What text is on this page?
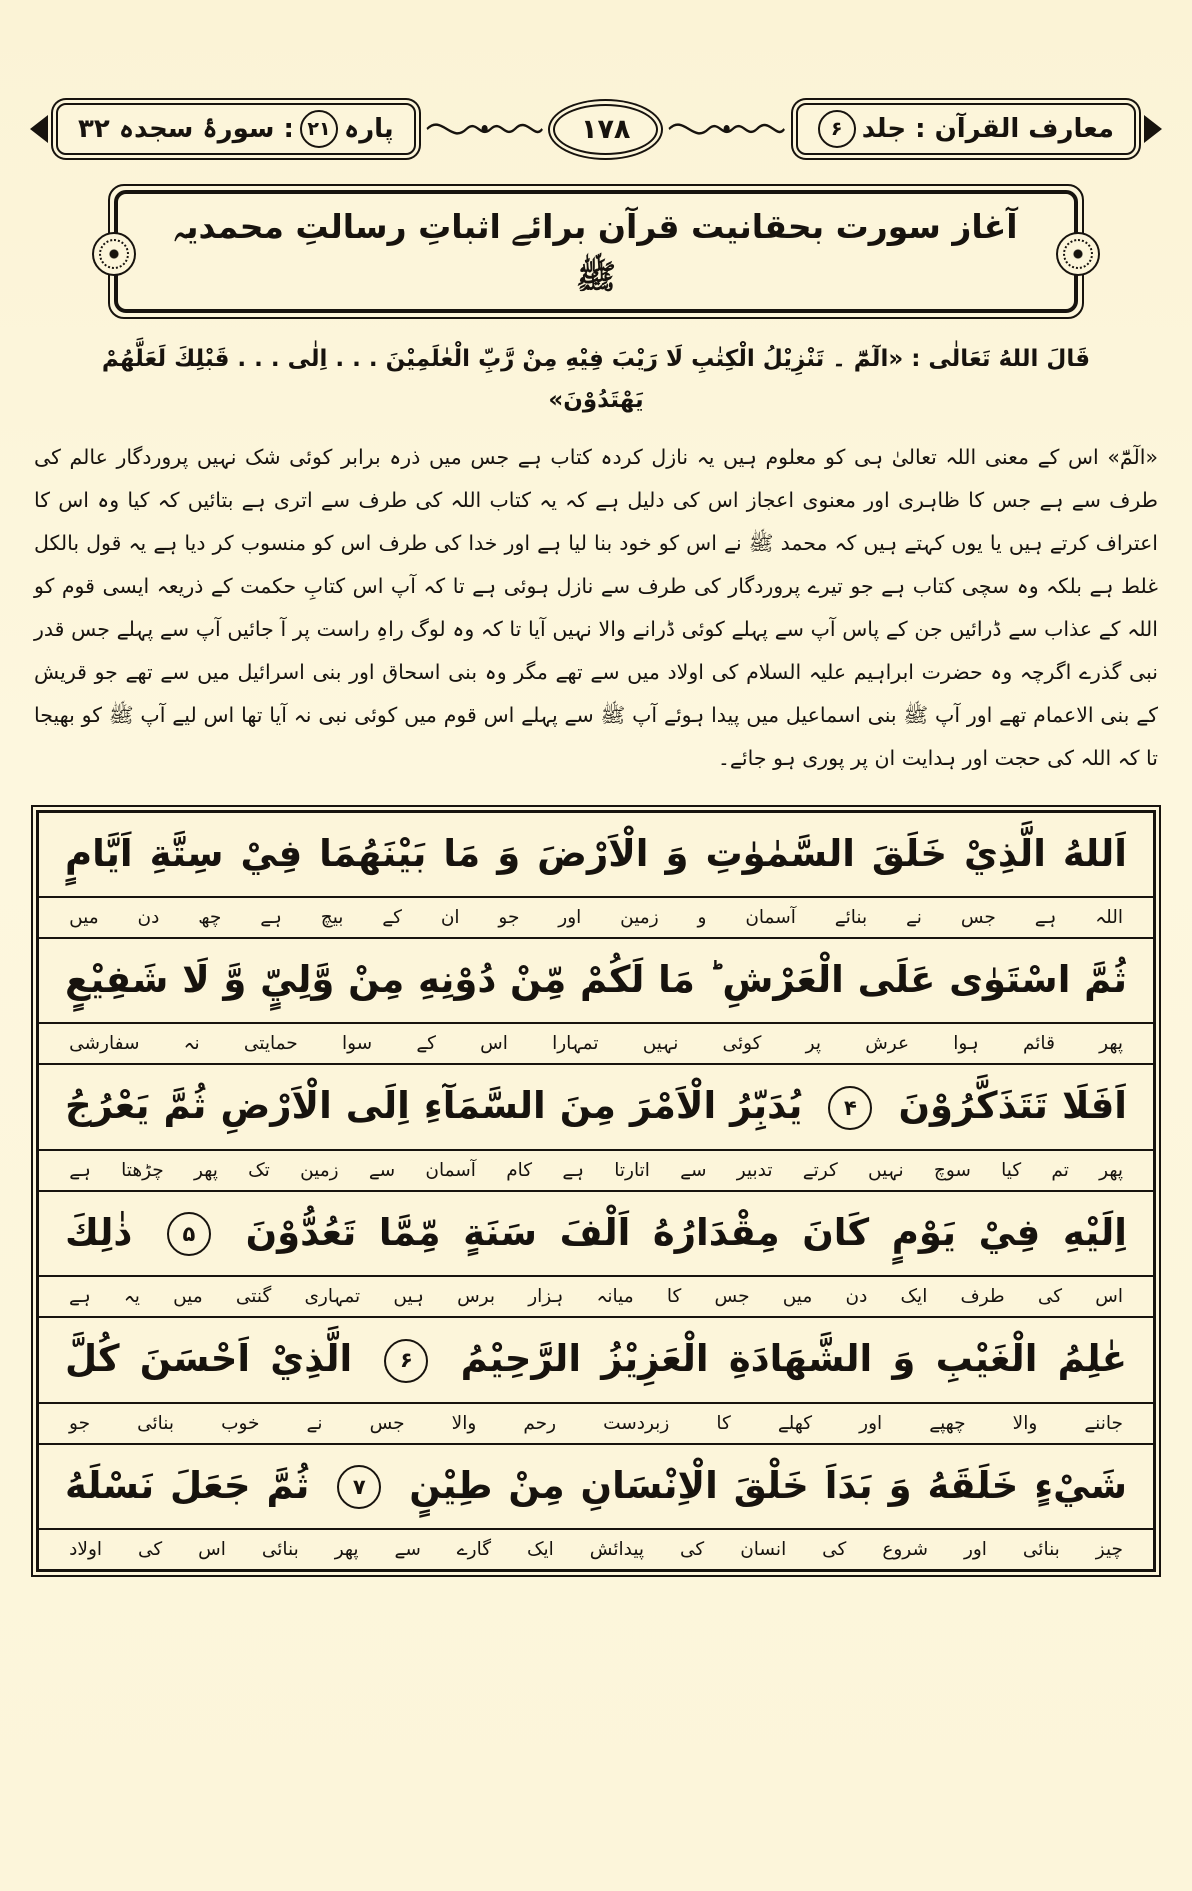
معارف القرآن : جلد
۶
۱۷۸
پارہ
۲۱
: سورۂ سجدہ ۳۲
آغاز سورت بحقانیت قرآن برائے اثباتِ رسالتِ محمدیہ ﷺ
قَالَ اللهُ تَعَالٰی : «الٓمّٓ ۔ تَنْزِيْلُ الْكِتٰبِ لَا رَيْبَ فِيْهِ مِنْ رَّبِّ الْعٰلَمِيْنَ . . . اِلٰی . . . قَبْلِكَ لَعَلَّهُمْ يَهْتَدُوْنَ»
«الٓمّٓ» اس کے معنی اللہ تعالیٰ ہی کو معلوم ہیں یہ نازل کردہ کتاب ہے جس میں ذرہ برابر کوئی شک نہیں پروردگار عالم کی طرف سے ہے جس کا ظاہری اور معنوی اعجاز اس کی دلیل ہے کہ یہ کتاب اللہ کی طرف سے اتری ہے بتائیں کہ کیا وہ اس کا اعتراف کرتے ہیں یا یوں کہتے ہیں کہ محمد ﷺ نے اس کو خود بنا لیا ہے اور خدا کی طرف اس کو منسوب کر دیا ہے یہ قول بالکل غلط ہے بلکہ وہ سچی کتاب ہے جو تیرے پروردگار کی طرف سے نازل ہوئی ہے تا کہ آپ اس کتابِ حکمت کے ذریعہ ایسی قوم کو اللہ کے عذاب سے ڈرائیں جن کے پاس آپ سے پہلے کوئی ڈرانے والا نہیں آیا تا کہ وہ لوگ راہِ راست پر آ جائیں آپ سے پہلے جس قدر نبی گذرے اگرچہ وہ حضرت ابراہیم علیہ السلام کی اولاد میں سے تھے مگر وہ بنی اسحاق اور بنی اسرائیل میں سے تھے جو قریش کے بنی الاعمام تھے اور آپ ﷺ بنی اسماعیل میں پیدا ہوئے آپ ﷺ سے پہلے اس قوم میں کوئی نبی نہ آیا تھا اس لیے آپ ﷺ کو بھیجا تا کہ اللہ کی حجت اور ہدایت ان پر پوری ہو جائے۔
اَللهُ الَّذِيْ خَلَقَ السَّمٰوٰتِ وَ الْاَرْضَ وَ مَا بَيْنَهُمَا فِيْ سِتَّةِ اَيَّامٍ
اللہ
ہے
جس
نے
بنائے
آسمان
و
زمین
اور
جو
ان
کے
بیچ
ہے
چھ
دن
میں
ثُمَّ اسْتَوٰى عَلَى الْعَرْشِ ؕ مَا لَكُمْ مِّنْ دُوْنِهِ مِنْ وَّلِيٍّ وَّ لَا شَفِيْعٍ
پھر
قائم
ہوا
عرش
پر
کوئی
نہیں
تمہارا
اس
کے
سوا
حمایتی
نہ
سفارشی
اَفَلَا تَتَذَكَّرُوْنَ ۴ يُدَبِّرُ الْاَمْرَ مِنَ السَّمَآءِ اِلَى الْاَرْضِ ثُمَّ يَعْرُجُ
پھر
تم
کیا
سوچ
نہیں
کرتے
تدبیر
سے
اتارتا
ہے
کام
آسمان
سے
زمین
تک
پھر
چڑھتا
ہے
اِلَيْهِ فِيْ يَوْمٍ كَانَ مِقْدَارُهُ اَلْفَ سَنَةٍ مِّمَّا تَعُدُّوْنَ ۵ ذٰلِكَ
اس
کی
طرف
ایک
دن
میں
جس
کا
میانہ
ہزار
برس
ہیں
تمہاری
گنتی
میں
یہ
ہے
عٰلِمُ الْغَيْبِ وَ الشَّهَادَةِ الْعَزِيْزُ الرَّحِيْمُ ۶ الَّذِيْ اَحْسَنَ كُلَّ
جاننے
والا
چھپے
اور
کھلے
کا
زبردست
رحم
والا
جس
نے
خوب
بنائی
جو
شَيْءٍ خَلَقَهُ وَ بَدَاَ خَلْقَ الْاِنْسَانِ مِنْ طِيْنٍ ۷ ثُمَّ جَعَلَ نَسْلَهُ
چیز
بنائی
اور
شروع
کی
انسان
کی
پیدائش
ایک
گارے
سے
پھر
بنائی
اس
کی
اولاد
